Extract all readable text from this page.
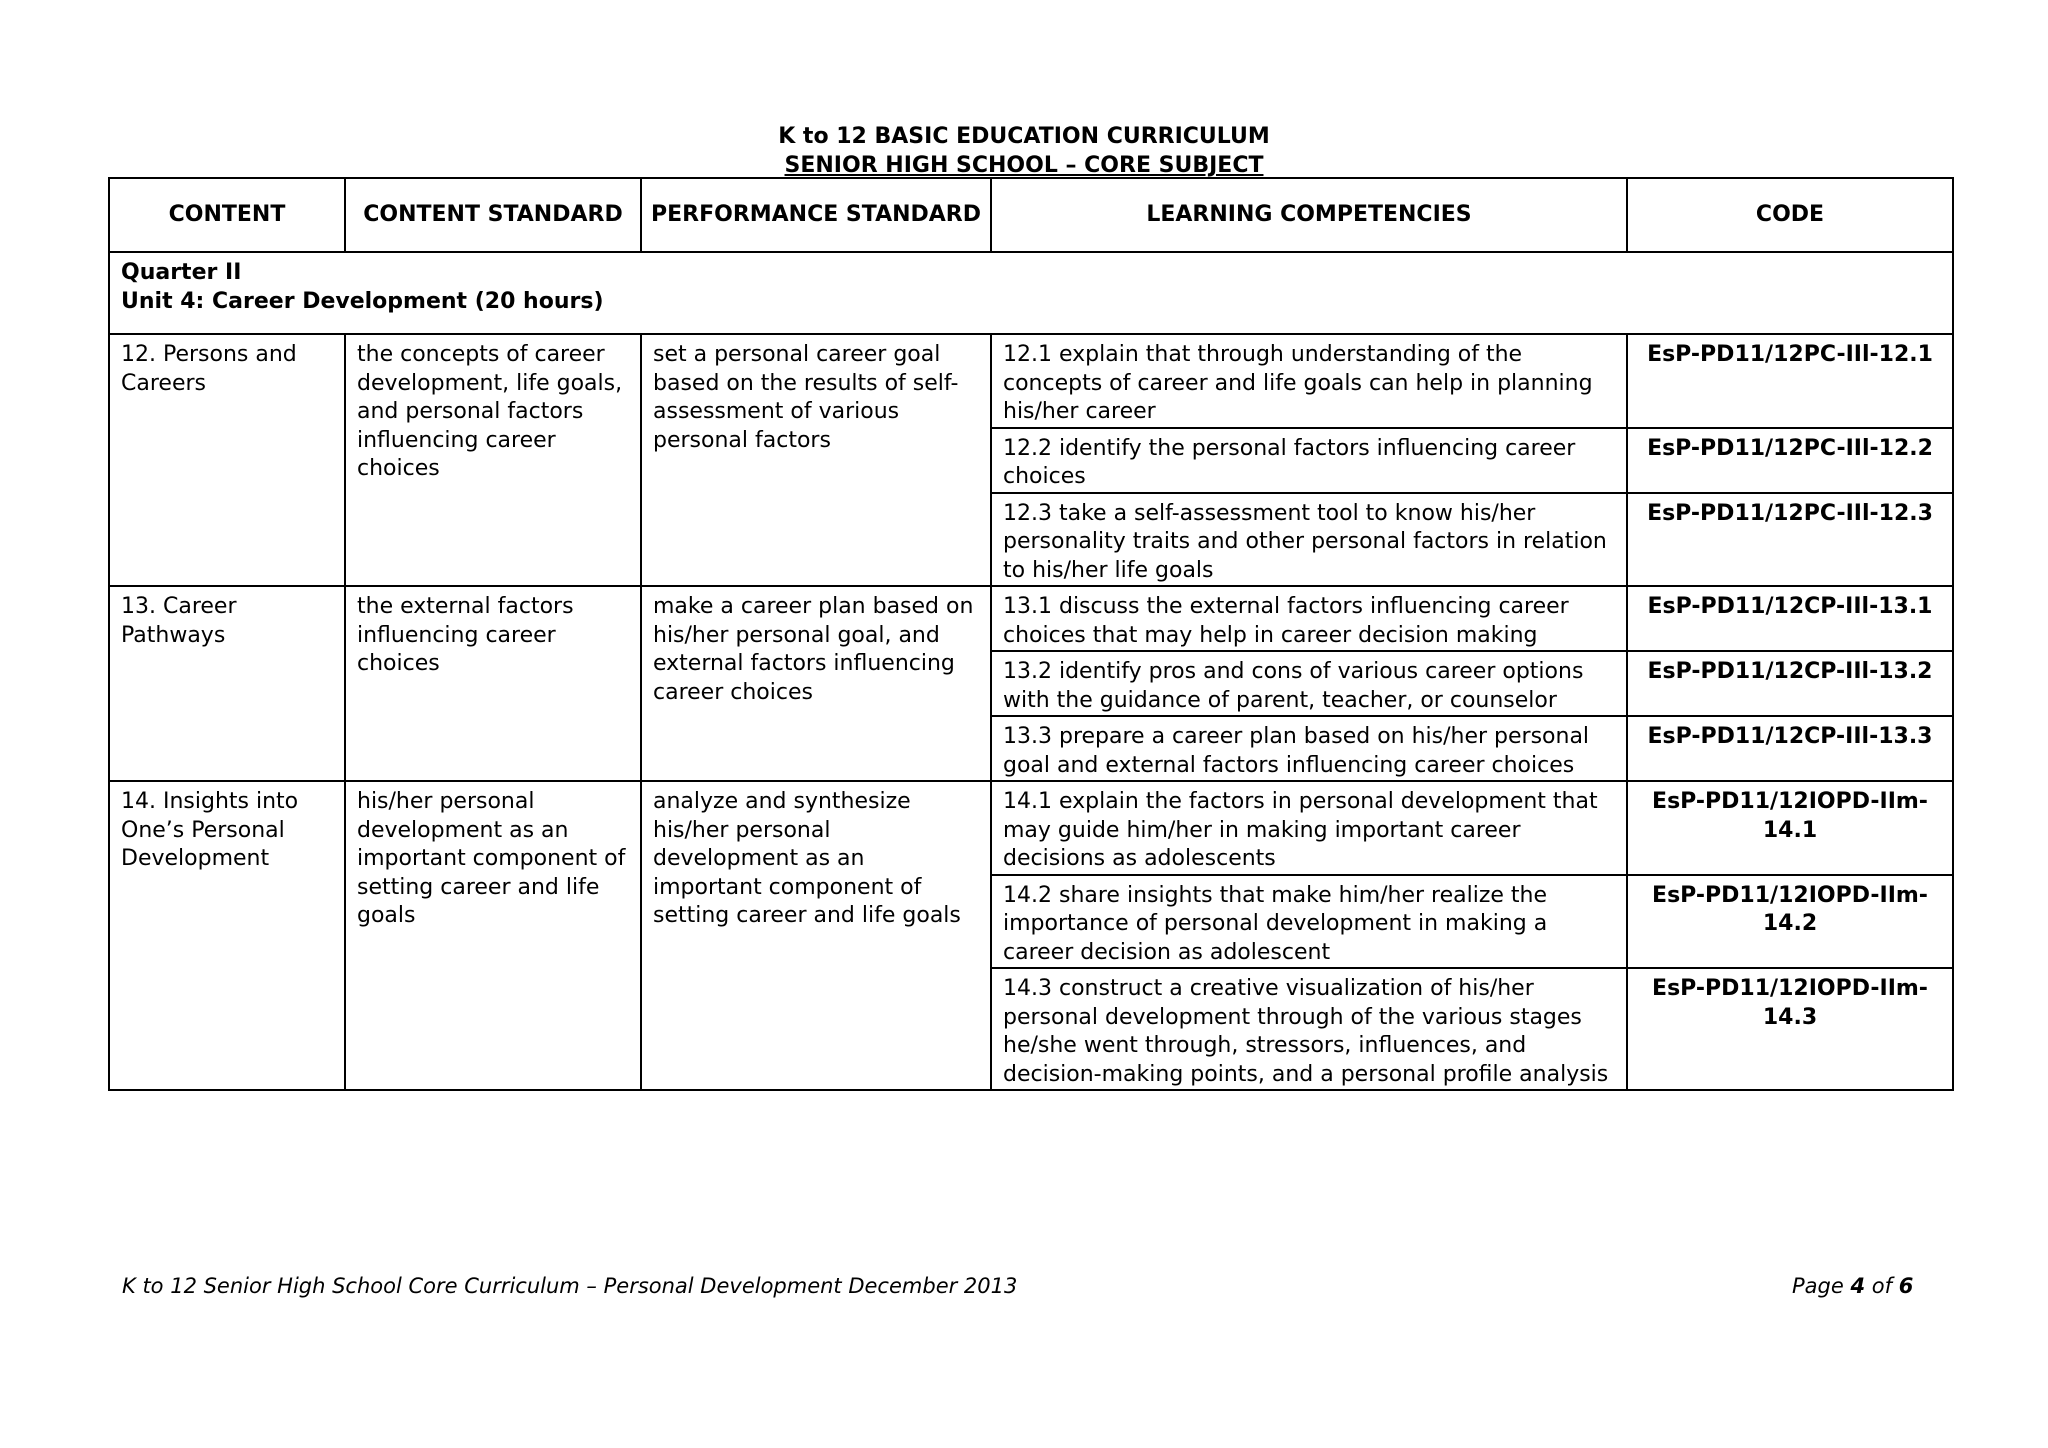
K to 12 BASIC EDUCATION CURRICULUM
SENIOR HIGH SCHOOL – CORE SUBJECT
CONTENT	CONTENT STANDARD	PERFORMANCE STANDARD	LEARNING COMPETENCIES	CODE

Quarter II
Unit 4: Career Development (20 hours)				

12. Persons and Careers	the concepts of career development, life goals, and personal factors influencing career choices	set a personal career goal based on the results of self-assessment of various personal factors	12.1 explain that through understanding of the concepts of career and life goals can help in planning his/her career	EsP-PD11/12PC-IIl-12.1
			12.2 identify the personal factors influencing career choices	EsP-PD11/12PC-IIl-12.2
			12.3 take a self-assessment tool to know his/her personality traits and other personal factors in relation to his/her life goals	EsP-PD11/12PC-IIl-12.3
13. Career Pathways	the external factors influencing career choices	make a career plan based on his/her personal goal, and external factors influencing career choices	13.1 discuss the external factors influencing career choices that may help in career decision making	EsP-PD11/12CP-IIl-13.1
			13.2 identify pros and cons of various career options with the guidance of parent, teacher, or counselor	EsP-PD11/12CP-IIl-13.2
			13.3 prepare a career plan based on his/her personal goal and external factors influencing career choices	EsP-PD11/12CP-IIl-13.3
14. Insights into One’s Personal Development	his/her personal development as an important component of setting career and life goals	analyze and synthesize his/her personal development as an important component of setting career and life goals	14.1 explain the factors in personal development that may guide him/her in making important career decisions as adolescents	EsP-PD11/12IOPD-IIm-14.1
			14.2 share insights that make him/her realize the importance of personal development in making a career decision as adolescent	EsP-PD11/12IOPD-IIm-14.2
			14.3 construct a creative visualization of his/her personal development through of the various stages he/she went through, stressors, influences, and decision-making points, and a personal profile analysis	EsP-PD11/12IOPD-IIm-14.3
K to 12 Senior High School Core Curriculum – Personal Development December 2013	Page 4 of 6
